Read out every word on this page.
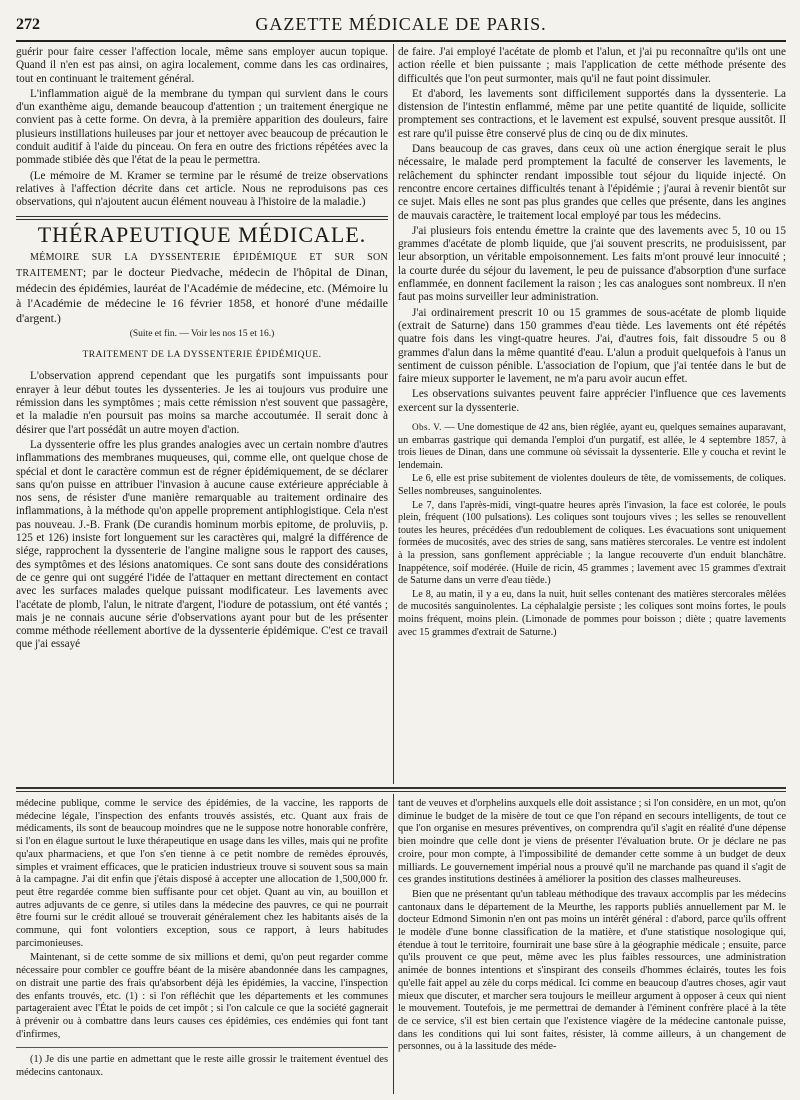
272	GAZETTE MÉDICALE DE PARIS.

guérir pour faire cesser l'affection locale, même sans employer aucun topique. Quand il n'en est pas ainsi, on agira localement, comme dans les cas ordinaires, tout en continuant le traitement général.

L'inflammation aiguë de la membrane du tympan qui survient dans le cours d'un exanthème aigu, demande beaucoup d'attention ; un traitement énergique ne convient pas à cette forme. On devra, à la première apparition des douleurs, faire plusieurs instillations huileuses par jour et nettoyer avec beaucoup de précaution le conduit auditif à l'aide du pinceau. On fera en outre des frictions répétées avec la pommade stibiée dès que l'état de la peau le permettra.

(Le mémoire de M. Kramer se termine par le résumé de treize observations relatives à l'affection décrite dans cet article. Nous ne reproduisons pas ces observations, qui n'ajoutent aucun élément nouveau à l'histoire de la maladie.)

THÉRAPEUTIQUE MÉDICALE.

MÉMOIRE SUR LA DYSSENTERIE ÉPIDÉMIQUE ET SUR SON TRAITEMENT; par le docteur Piedvache, médecin de l'hôpital de Dinan, médecin des épidémies, lauréat de l'Académie de médecine, etc. (Mémoire lu à l'Académie de médecine le 16 février 1858, et honoré d'une médaille d'argent.)

(Suite et fin. — Voir les nos 15 et 16.)
TRAITEMENT DE LA DYSSENTERIE ÉPIDÉMIQUE.

L'observation apprend cependant que les purgatifs sont impuissants pour enrayer à leur début toutes les dyssenteries. Je les ai toujours vus produire une rémission dans les symptômes ; mais cette rémission n'est souvent que passagère, et la maladie n'en poursuit pas moins sa marche accoutumée. Il serait donc à désirer que l'art possédât un autre moyen d'action.

La dyssenterie offre les plus grandes analogies avec un certain nombre d'autres inflammations des membranes muqueuses, qui, comme elle, ont quelque chose de spécial et dont le caractère commun est de régner épidémiquement, de se déclarer sans qu'on puisse en attribuer l'invasion à aucune cause extérieure appréciable à nos sens, de résister d'une manière remarquable au traitement ordinaire des inflammations, à la méthode qu'on appelle proprement antiphlogistique. Cela n'est pas nouveau. J.-B. Frank (De curandis hominum morbis epitome, de proluviis, p. 125 et 126) insiste fort longuement sur les caractères qui, malgré la différence de siége, rapprochent la dyssenterie de l'angine maligne sous le rapport des causes, des symptômes et des lésions anatomiques. Ce sont sans doute des considérations de ce genre qui ont suggéré l'idée de l'attaquer en mettant directement en contact avec les surfaces malades quelque puissant modificateur. Les lavements avec l'acétate de plomb, l'alun, le nitrate d'argent, l'iodure de potassium, ont été vantés ; mais je ne connais aucune série d'observations ayant pour but de les présenter comme méthode réellement abortive de la dyssenterie épidémique. C'est ce travail que j'ai essayé

de faire. J'ai employé l'acétate de plomb et l'alun, et j'ai pu reconnaître qu'ils ont une action réelle et bien puissante ; mais l'application de cette méthode présente des difficultés que l'on peut surmonter, mais qu'il ne faut point dissimuler.

Et d'abord, les lavements sont difficilement supportés dans la dyssenterie. La distension de l'intestin enflammé, même par une petite quantité de liquide, sollicite promptement ses contractions, et le lavement est expulsé, souvent presque aussitôt. Il est rare qu'il puisse être conservé plus de cinq ou de dix minutes.

Dans beaucoup de cas graves, dans ceux où une action énergique serait le plus nécessaire, le malade perd promptement la faculté de conserver les lavements, le relâchement du sphincter rendant impossible tout séjour du liquide injecté. On rencontre encore certaines difficultés tenant à l'épidémie ; j'aurai à revenir bientôt sur ce sujet. Mais elles ne sont pas plus grandes que celles que présente, dans les angines de mauvais caractère, le traitement local employé par tous les médecins.

J'ai plusieurs fois entendu émettre la crainte que des lavements avec 5, 10 ou 15 grammes d'acétate de plomb liquide, que j'ai souvent prescrits, ne produisissent, par leur absorption, un véritable empoisonnement. Les faits m'ont prouvé leur innocuité ; la courte durée du séjour du lavement, le peu de puissance d'absorption d'une surface enflammée, en donnent facilement la raison ; les cas analogues sont nombreux. Il n'en faut pas moins surveiller leur administration.

J'ai ordinairement prescrit 10 ou 15 grammes de sous-acétate de plomb liquide (extrait de Saturne) dans 150 grammes d'eau tiède. Les lavements ont été répétés quatre fois dans les vingt-quatre heures. J'ai, d'autres fois, fait dissoudre 5 ou 8 grammes d'alun dans la même quantité d'eau. L'alun a produit quelquefois à l'anus un sentiment de cuisson pénible. L'association de l'opium, que j'ai tentée dans le but de faire mieux supporter le lavement, ne m'a paru avoir aucun effet.

Les observations suivantes peuvent faire apprécier l'influence que ces lavements exercent sur la dyssenterie.

Obs. V. — Une domestique de 42 ans, bien réglée, ayant eu, quelques semaines auparavant, un embarras gastrique qui demanda l'emploi d'un purgatif, est allée, le 4 septembre 1857, à trois lieues de Dinan, dans une commune où sévissait la dyssenterie. Elle y coucha et revint le lendemain.

Le 6, elle est prise subitement de violentes douleurs de tête, de vomissements, de coliques. Selles nombreuses, sanguinolentes.

Le 7, dans l'après-midi, vingt-quatre heures après l'invasion, la face est colorée, le pouls plein, fréquent (100 pulsations). Les coliques sont toujours vives ; les selles se renouvellent toutes les heures, précédées d'un redoublement de coliques. Les évacuations sont uniquement formées de mucosités, avec des stries de sang, sans matières stercorales. Le ventre est indolent à la pression, sans gonflement appréciable ; la langue recouverte d'un enduit blanchâtre. Inappétence, soif modérée. (Huile de ricin, 45 grammes ; lavement avec 15 grammes d'extrait de Saturne dans un verre d'eau tiède.)

Le 8, au matin, il y a eu, dans la nuit, huit selles contenant des matières stercorales mêlées de mucosités sanguinolentes. La céphalalgie persiste ; les coliques sont moins fortes, le pouls moins fréquent, moins plein. (Limonade de pommes pour boisson ; diète ; quatre lavements avec 15 grammes d'extrait de Saturne.)

médecine publique, comme le service des épidémies, de la vaccine, les rapports de médecine légale, l'inspection des enfants trouvés assistés, etc. Quant aux frais de médicaments, ils sont de beaucoup moindres que ne le suppose notre honorable confrère, si l'on en élague surtout le luxe thérapeutique en usage dans les villes, mais qui ne profite qu'aux pharmaciens, et que l'on s'en tienne à ce petit nombre de remèdes éprouvés, simples et vraiment efficaces, que le praticien industrieux trouve si souvent sous sa main à la campagne. J'ai dit enfin que j'étais disposé à accepter une allocation de 1,500,000 fr. peut être regardée comme bien suffisante pour cet objet. Quant au vin, au bouillon et autres adjuvants de ce genre, si utiles dans la médecine des pauvres, ce qui ne pourrait être fourni sur le crédit alloué se trouverait généralement chez les habitants aisés de la commune, qui font volontiers exception, sous ce rapport, à leurs habitudes parcimonieuses.

Maintenant, si de cette somme de six millions et demi, qu'on peut regarder comme nécessaire pour combler ce gouffre béant de la misère abandonnée dans les campagnes, on distrait une partie des frais qu'absorbent déjà les épidémies, la vaccine, l'inspection des enfants trouvés, etc. (1) : si l'on réfléchit que les départements et les communes partageraient avec l'État le poids de cet impôt ; si l'on calcule ce que la société gagnerait à prévenir ou à combattre dans leurs causes ces épidémies, ces endémies qui font tant d'infirmes,

(1) Je dis une partie en admettant que le reste aille grossir le traitement éventuel des médecins cantonaux.

tant de veuves et d'orphelins auxquels elle doit assistance ; si l'on considère, en un mot, qu'on diminue le budget de la misère de tout ce que l'on répand en secours intelligents, de tout ce que l'on organise en mesures préventives, on comprendra qu'il s'agit en réalité d'une dépense bien moindre que celle dont je viens de présenter l'évaluation brute. Or je déclare ne pas croire, pour mon compte, à l'impossibilité de demander cette somme à un budget de deux milliards. Le gouvernement impérial nous a prouvé qu'il ne marchande pas quand il s'agit de ces grandes institutions destinées à améliorer la position des classes malheureuses.

Bien que ne présentant qu'un tableau méthodique des travaux accomplis par les médecins cantonaux dans le département de la Meurthe, les rapports publiés annuellement par M. le docteur Edmond Simonin n'en ont pas moins un intérêt général : d'abord, parce qu'ils offrent le modèle d'une bonne classification de la matière, et d'une statistique nosologique qui, étendue à tout le territoire, fournirait une base sûre à la géographie médicale ; ensuite, parce qu'ils prouvent ce que peut, même avec les plus faibles ressources, une administration animée de bonnes intentions et s'inspirant des conseils d'hommes éclairés, toutes les fois qu'elle fait appel au zèle du corps médical. Ici comme en beaucoup d'autres choses, agir vaut mieux que discuter, et marcher sera toujours le meilleur argument à opposer à ceux qui nient le mouvement. Toutefois, je me permettrai de demander à l'éminent confrère placé à la tête de ce service, s'il est bien certain que l'existence viagère de la médecine cantonale puisse, dans les conditions qui lui sont faites, résister, là comme ailleurs, à un changement de personnes, ou à la lassitude des méde-
